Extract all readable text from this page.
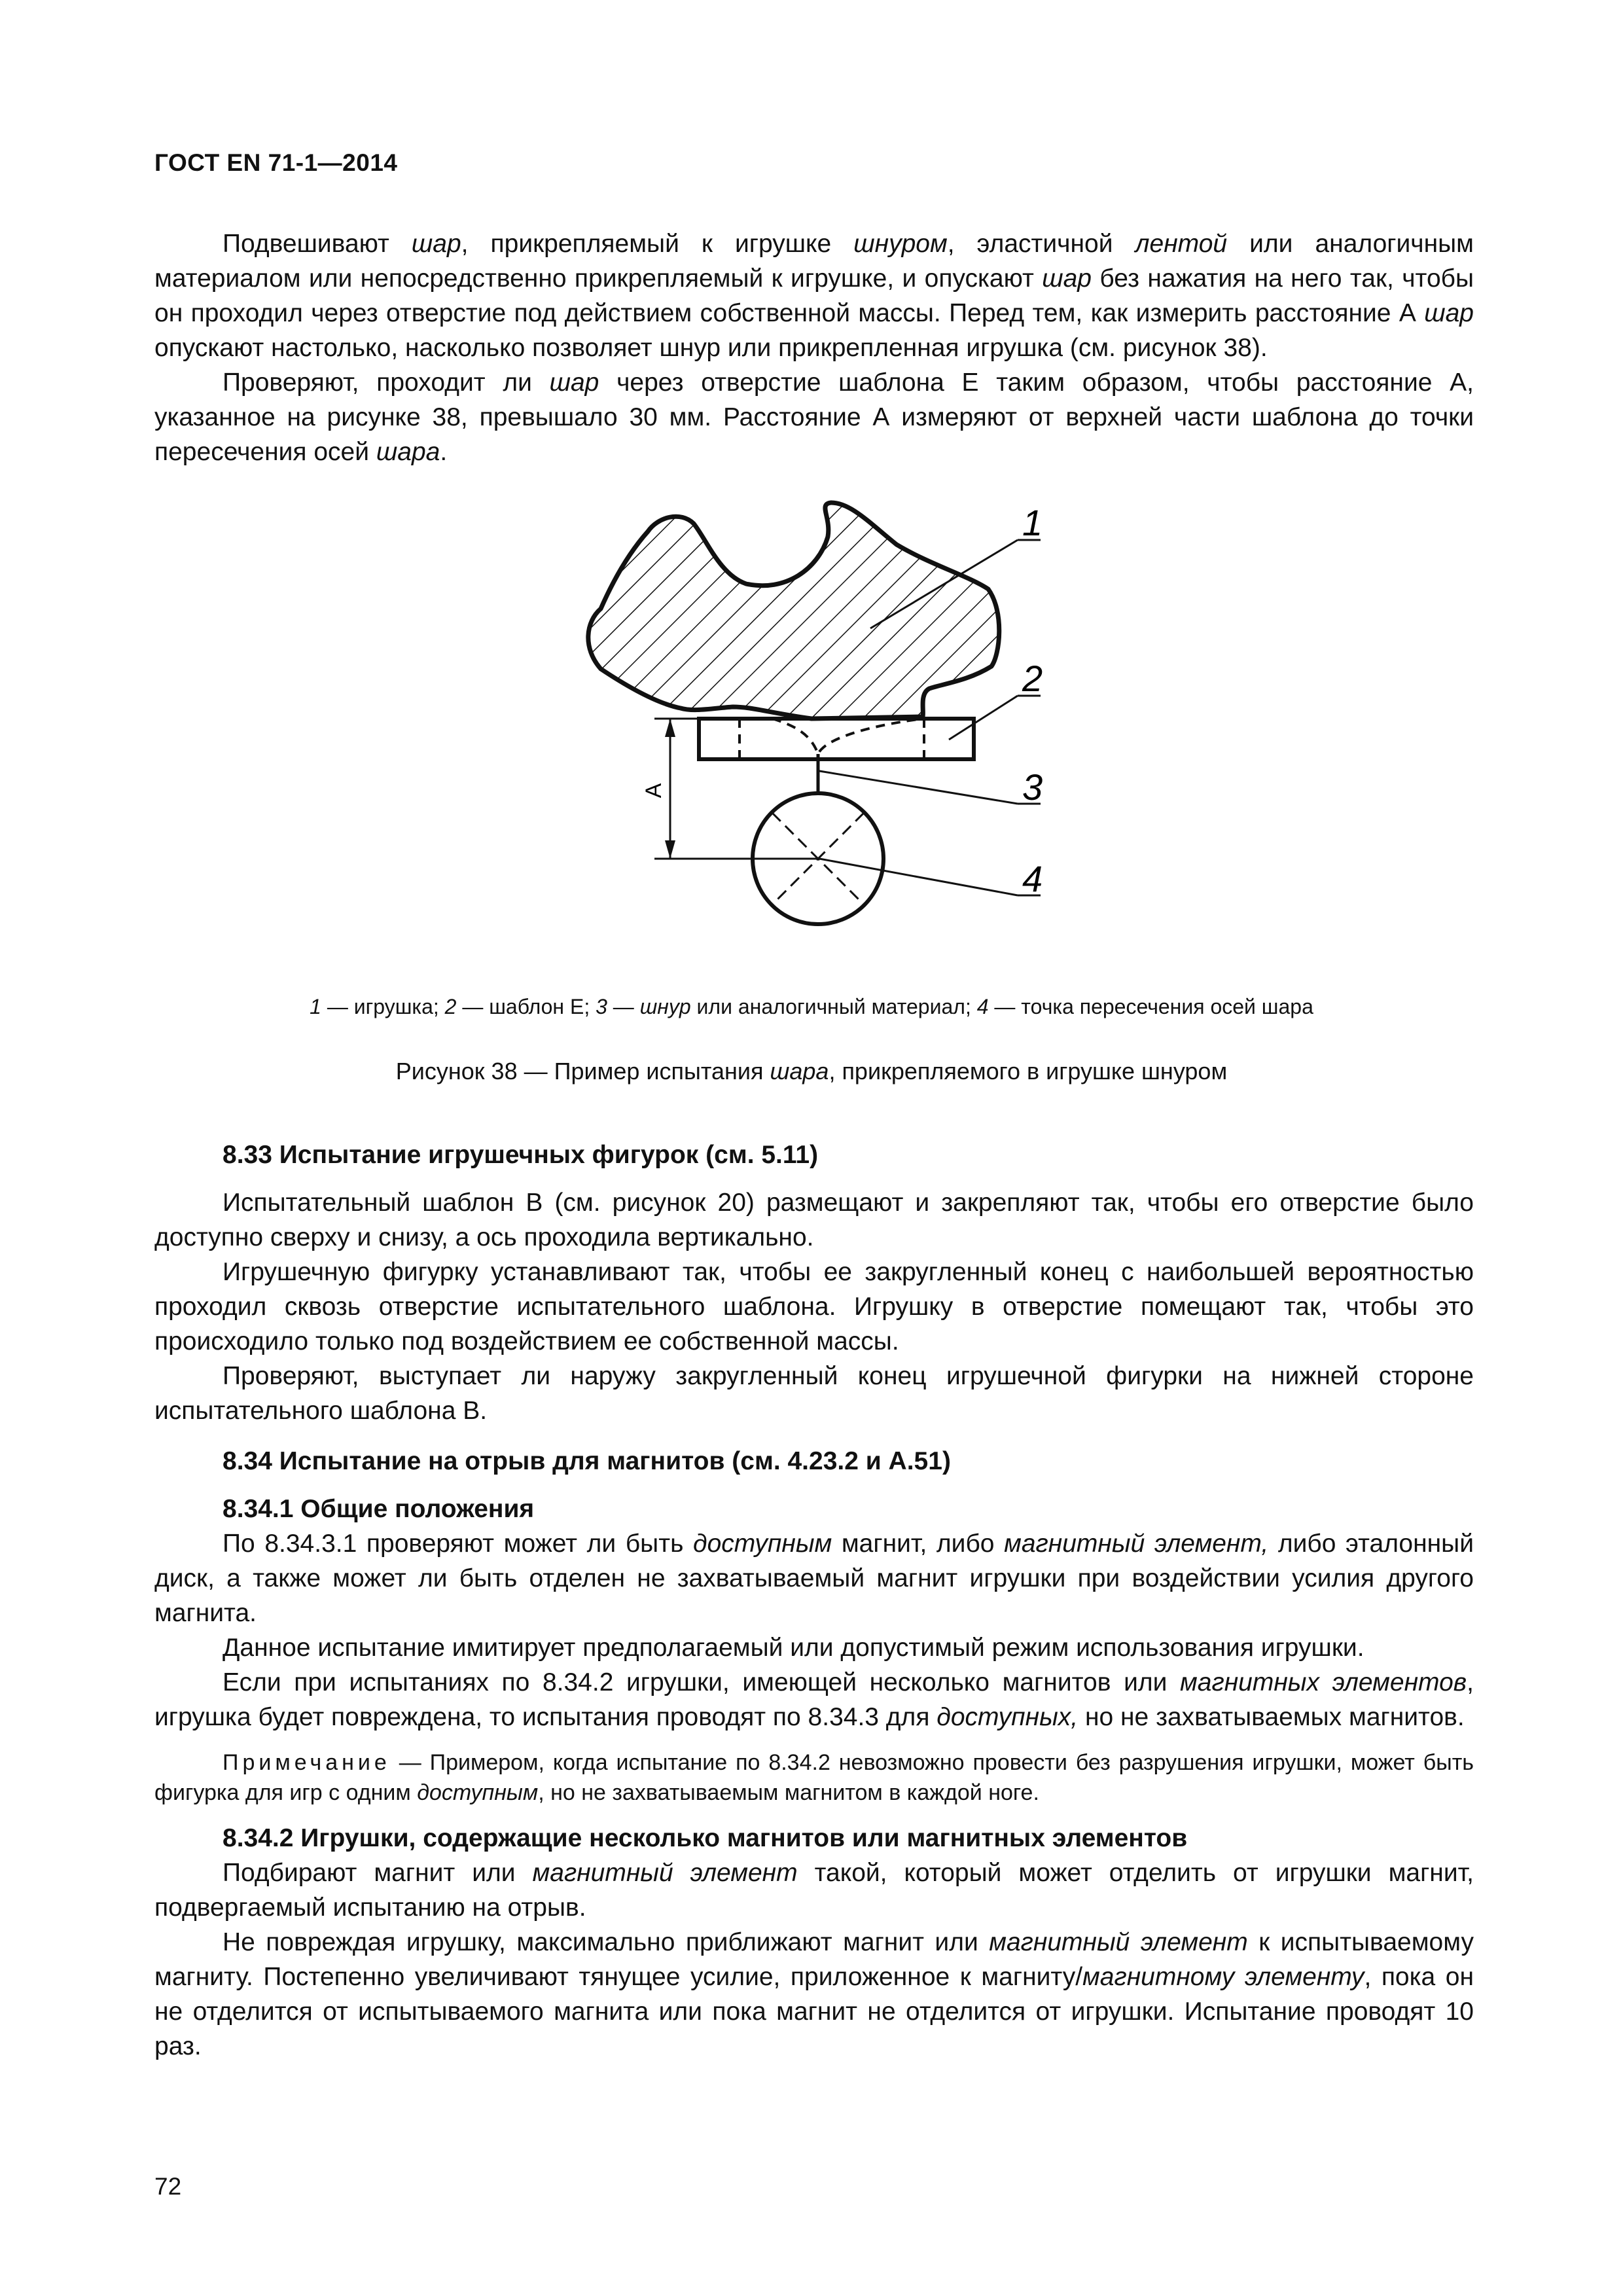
ГОСТ EN 71-1—2014

Подвешивают шар, прикрепляемый к игрушке шнуром, эластичной лентой или аналогичным материалом или непосредственно прикрепляемый к игрушке, и опускают шар без нажатия на него так, чтобы он проходил через отверстие под действием собственной массы. Перед тем, как измерить расстояние А шар опускают настолько, насколько позволяет шнур или прикрепленная игрушка (см. рисунок 38).

Проверяют, проходит ли шар через отверстие шаблона Е таким образом, чтобы расстояние А, указанное на рисунке 38, превышало 30 мм. Расстояние А измеряют от верхней части шаблона до точки пересечения осей шара.

А
1
2
3
4
1 — игрушка; 2 — шаблон Е; 3 — шнур или аналогичный материал; 4 — точка пересечения осей шара
Рисунок 38 — Пример испытания шара, прикрепляемого в игрушке шнуром

8.33 Испытание игрушечных фигурок (см. 5.11)

Испытательный шаблон В (см. рисунок 20) размещают и закрепляют так, чтобы его отверстие было доступно сверху и снизу, а ось проходила вертикально.

Игрушечную фигурку устанавливают так, чтобы ее закругленный конец с наибольшей вероятностью проходил сквозь отверстие испытательного шаблона. Игрушку в отверстие помещают так, чтобы это происходило только под воздействием ее собственной массы.

Проверяют, выступает ли наружу закругленный конец игрушечной фигурки на нижней стороне испытательного шаблона В.

8.34 Испытание на отрыв для магнитов (см. 4.23.2 и А.51)

8.34.1 Общие положения

По 8.34.3.1 проверяют может ли быть доступным магнит, либо магнитный элемент, либо эталонный диск, а также может ли быть отделен не захватываемый магнит игрушки при воздействии усилия другого магнита.

Данное испытание имитирует предполагаемый или допустимый режим использования игрушки.

Если при испытаниях по 8.34.2 игрушки, имеющей несколько магнитов или магнитных элементов, игрушка будет повреждена, то испытания проводят по 8.34.3 для доступных, но не захватываемых магнитов.

Примечание — Примером, когда испытание по 8.34.2 невозможно провести без разрушения игрушки, может быть фигурка для игр с одним доступным, но не захватываемым магнитом в каждой ноге.

8.34.2 Игрушки, содержащие несколько магнитов или магнитных элементов

Подбирают магнит или магнитный элемент такой, который может отделить от игрушки магнит, подвергаемый испытанию на отрыв.

Не повреждая игрушку, максимально приближают магнит или магнитный элемент к испытываемому магниту. Постепенно увеличивают тянущее усилие, приложенное к магниту/магнитному элементу, пока он не отделится от испытываемого магнита или пока магнит не отделится от игрушки. Испытание проводят 10 раз.

72
